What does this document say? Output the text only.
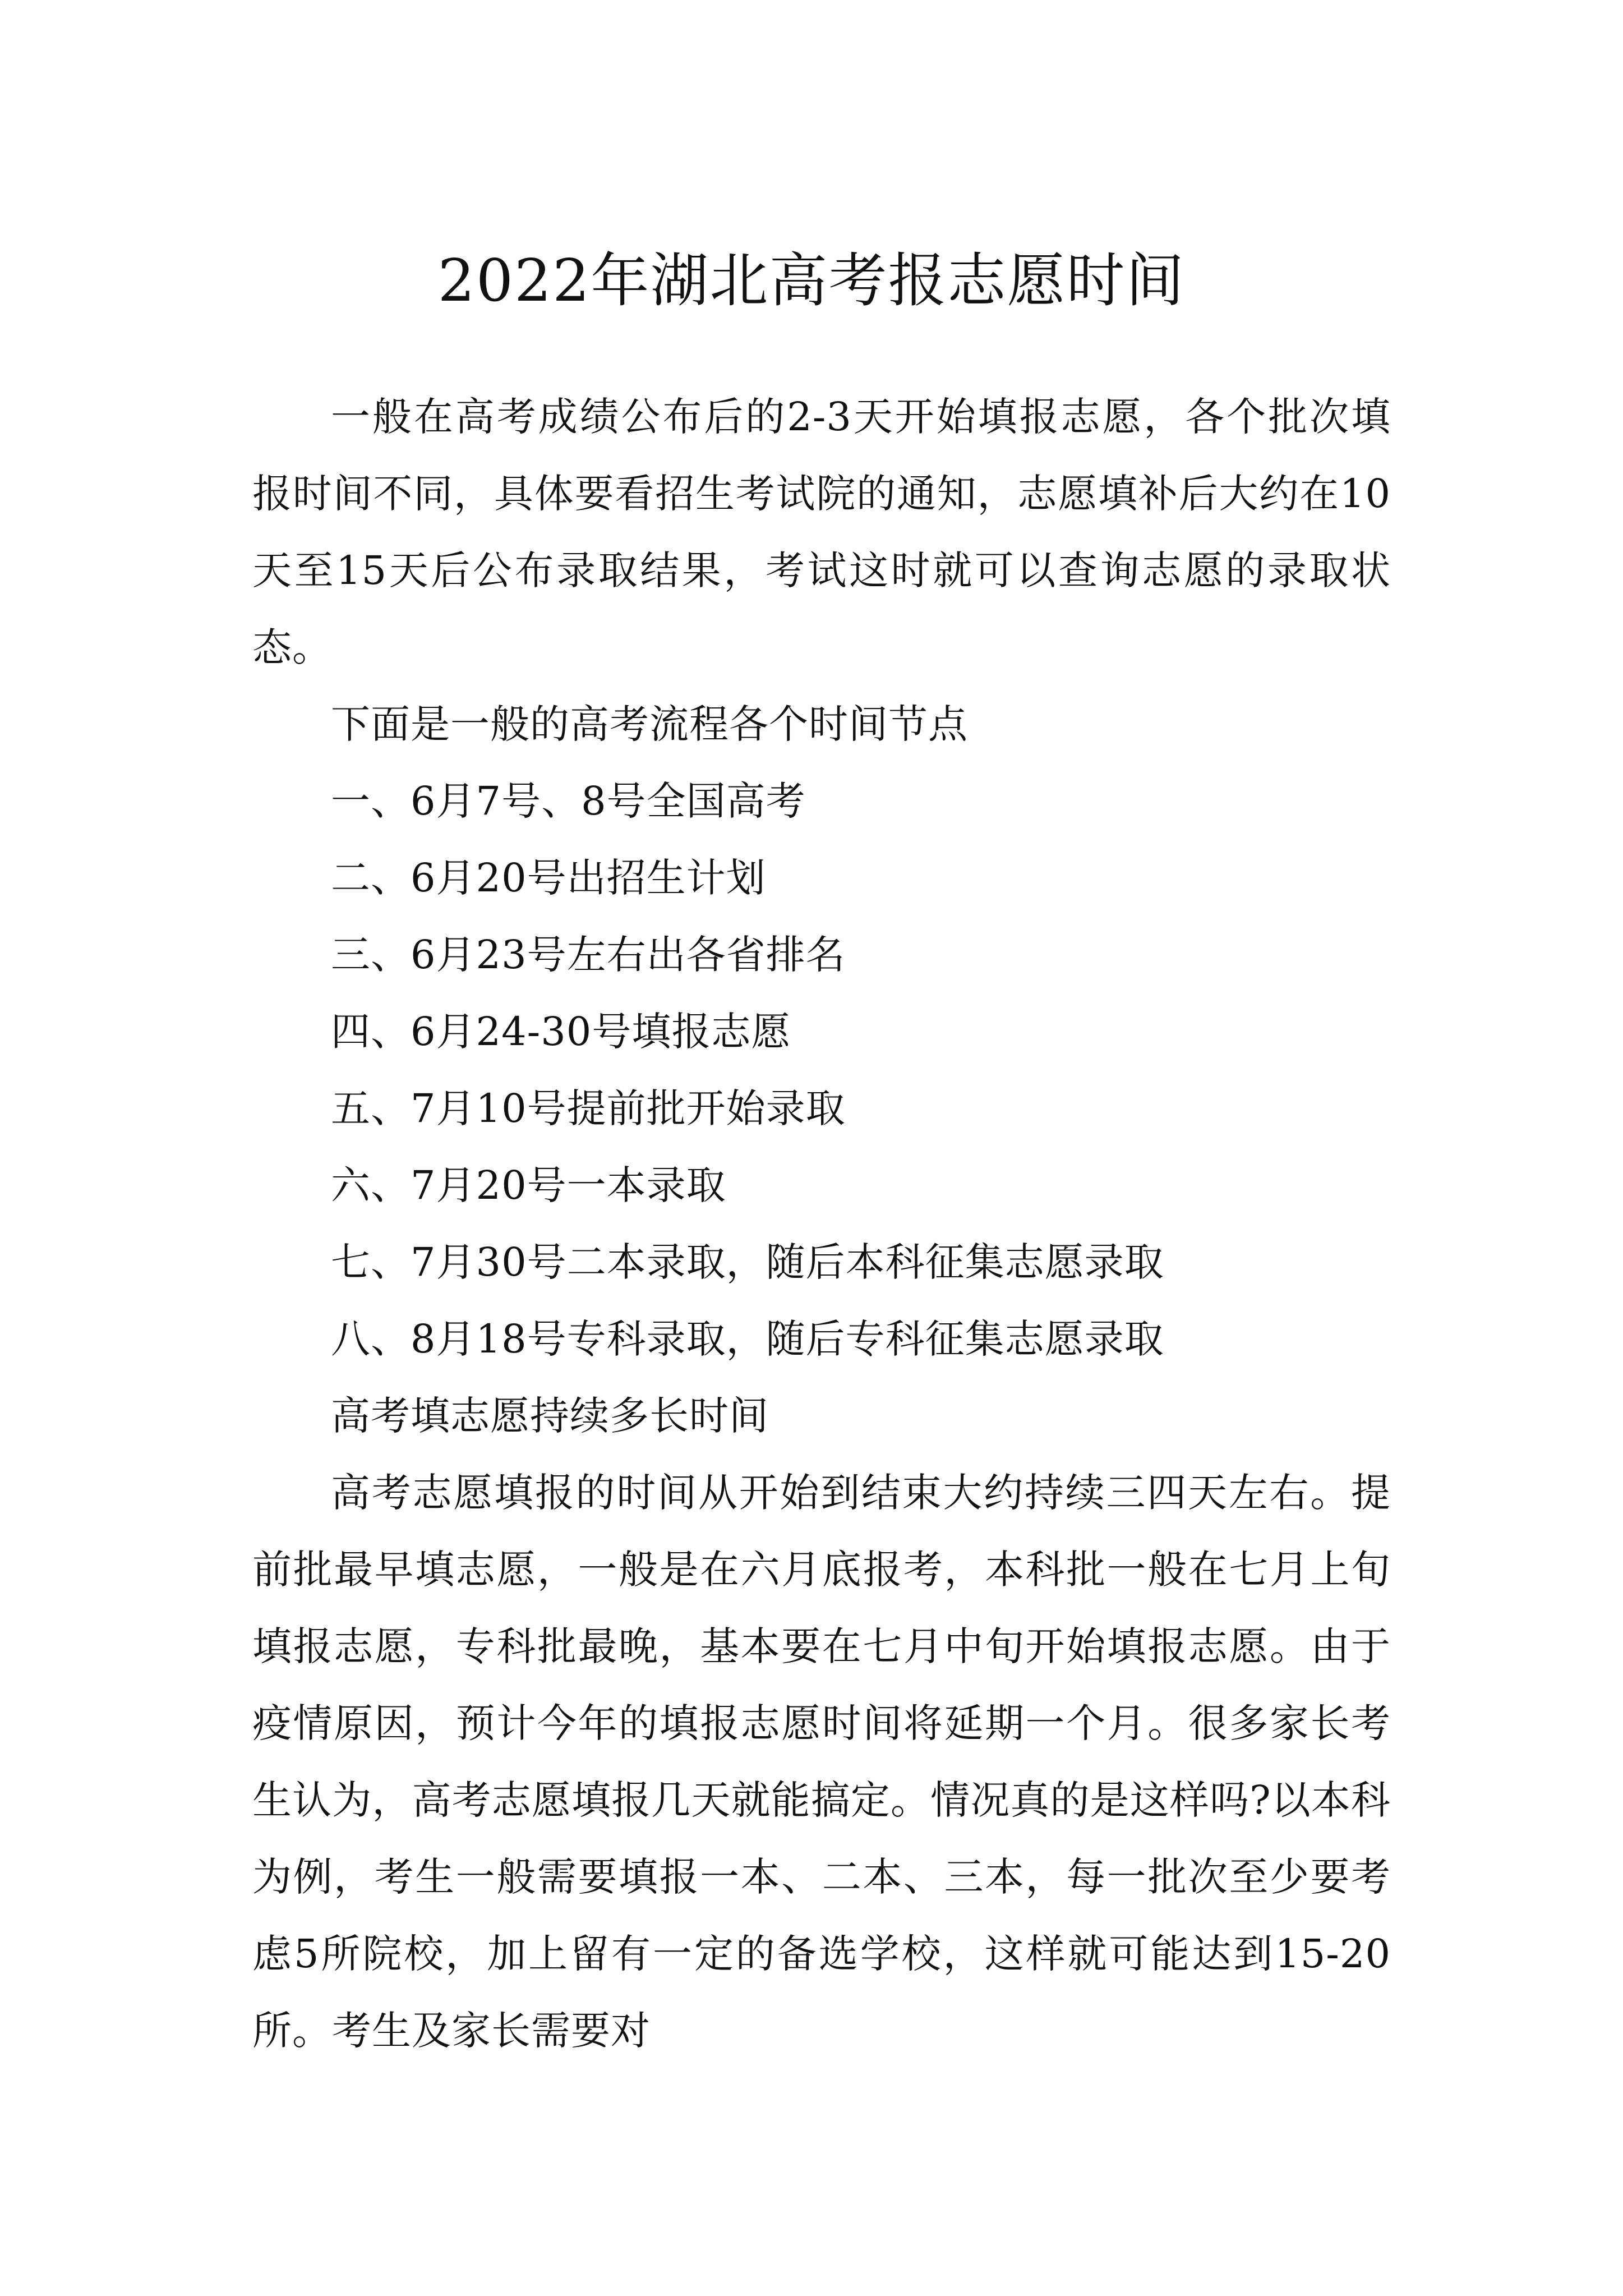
2022年湖北高考报志愿时间

一般在高考成绩公布后的2-3天开始填报志愿，各个批次填报时间不同，具体要看招生考试院的通知，志愿填补后大约在10天至15天后公布录取结果，考试这时就可以查询志愿的录取状态。

下面是一般的高考流程各个时间节点

一、6月7号、8号全国高考

二、6月20号出招生计划

三、6月23号左右出各省排名

四、6月24-30号填报志愿

五、7月10号提前批开始录取

六、7月20号一本录取

七、7月30号二本录取，随后本科征集志愿录取

八、8月18号专科录取，随后专科征集志愿录取

高考填志愿持续多长时间

高考志愿填报的时间从开始到结束大约持续三四天左右。提前批最早填志愿，一般是在六月底报考，本科批一般在七月上旬填报志愿，专科批最晚，基本要在七月中旬开始填报志愿。由于疫情原因，预计今年的填报志愿时间将延期一个月。很多家长考生认为，高考志愿填报几天就能搞定。情况真的是这样吗?以本科为例，考生一般需要填报一本、二本、三本，每一批次至少要考虑5所院校，加上留有一定的备选学校，这样就可能达到15-20所。考生及家长需要对
